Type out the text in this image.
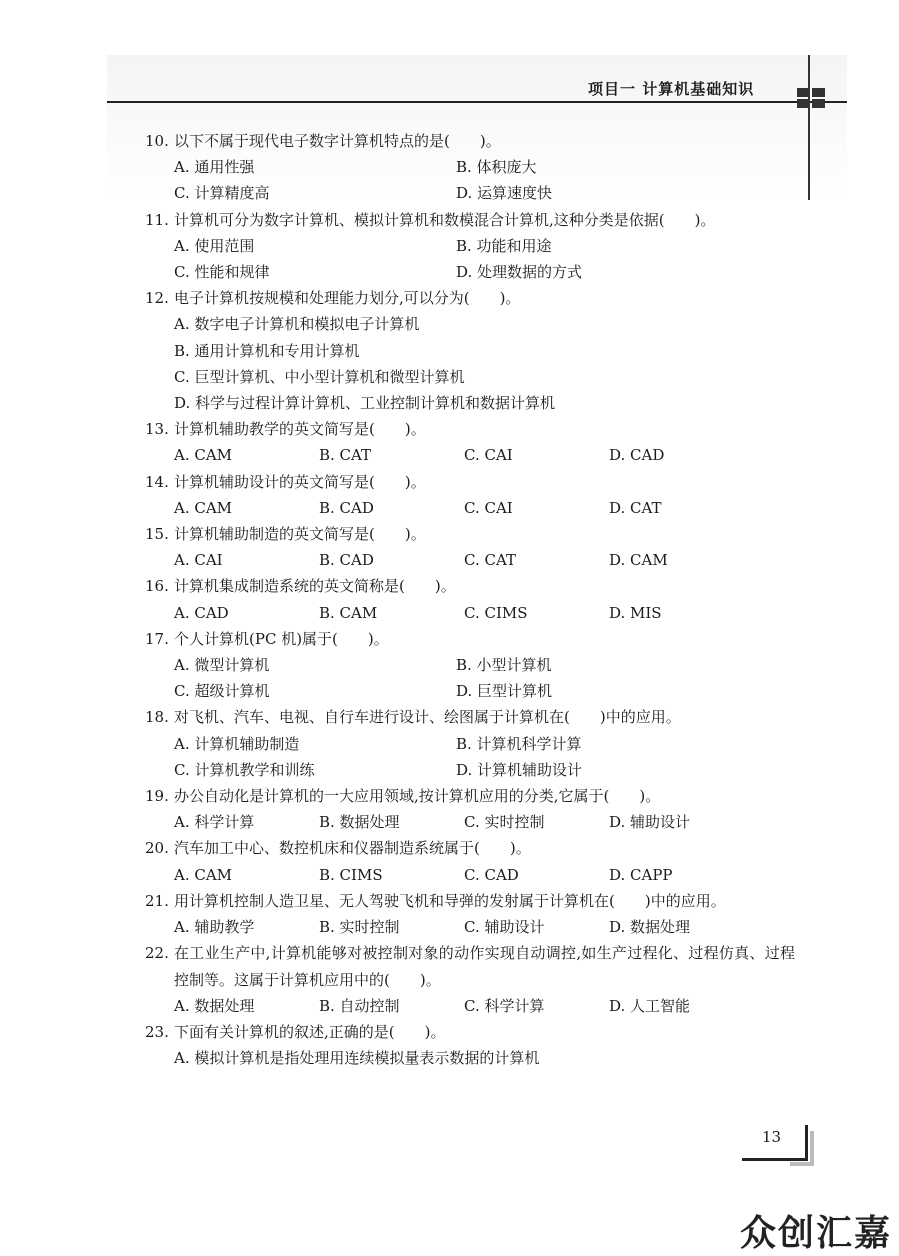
项目一 计算机基础知识
10. 以下不属于现代电子数字计算机特点的是(　　)。
A. 通用性强	B. 体积庞大
C. 计算精度高	D. 运算速度快
11. 计算机可分为数字计算机、模拟计算机和数模混合计算机,这种分类是依据(　　)。
A. 使用范围	B. 功能和用途
C. 性能和规律	D. 处理数据的方式
12. 电子计算机按规模和处理能力划分,可以分为(　　)。
A. 数字电子计算机和模拟电子计算机
B. 通用计算机和专用计算机
C. 巨型计算机、中小型计算机和微型计算机
D. 科学与过程计算计算机、工业控制计算机和数据计算机
13. 计算机辅助教学的英文简写是(　　)。
A. CAM	B. CAT	C. CAI	D. CAD
14. 计算机辅助设计的英文简写是(　　)。
A. CAM	B. CAD	C. CAI	D. CAT
15. 计算机辅助制造的英文简写是(　　)。
A. CAI	B. CAD	C. CAT	D. CAM
16. 计算机集成制造系统的英文简称是(　　)。
A. CAD	B. CAM	C. CIMS	D. MIS
17. 个人计算机(PC 机)属于(　　)。
A. 微型计算机	B. 小型计算机
C. 超级计算机	D. 巨型计算机
18. 对飞机、汽车、电视、自行车进行设计、绘图属于计算机在(　　)中的应用。
A. 计算机辅助制造	B. 计算机科学计算
C. 计算机教学和训练	D. 计算机辅助设计
19. 办公自动化是计算机的一大应用领域,按计算机应用的分类,它属于(　　)。
A. 科学计算	B. 数据处理	C. 实时控制	D. 辅助设计
20. 汽车加工中心、数控机床和仪器制造系统属于(　　)。
A. CAM	B. CIMS	C. CAD	D. CAPP
21. 用计算机控制人造卫星、无人驾驶飞机和导弹的发射属于计算机在(　　)中的应用。
A. 辅助教学	B. 实时控制	C. 辅助设计	D. 数据处理
22. 在工业生产中,计算机能够对被控制对象的动作实现自动调控,如生产过程化、过程仿真、过程控制等。这属于计算机应用中的(　　)。
A. 数据处理	B. 自动控制	C. 科学计算	D. 人工智能
23. 下面有关计算机的叙述,正确的是(　　)。
A. 模拟计算机是指处理用连续模拟量表示数据的计算机
13
众创汇嘉
